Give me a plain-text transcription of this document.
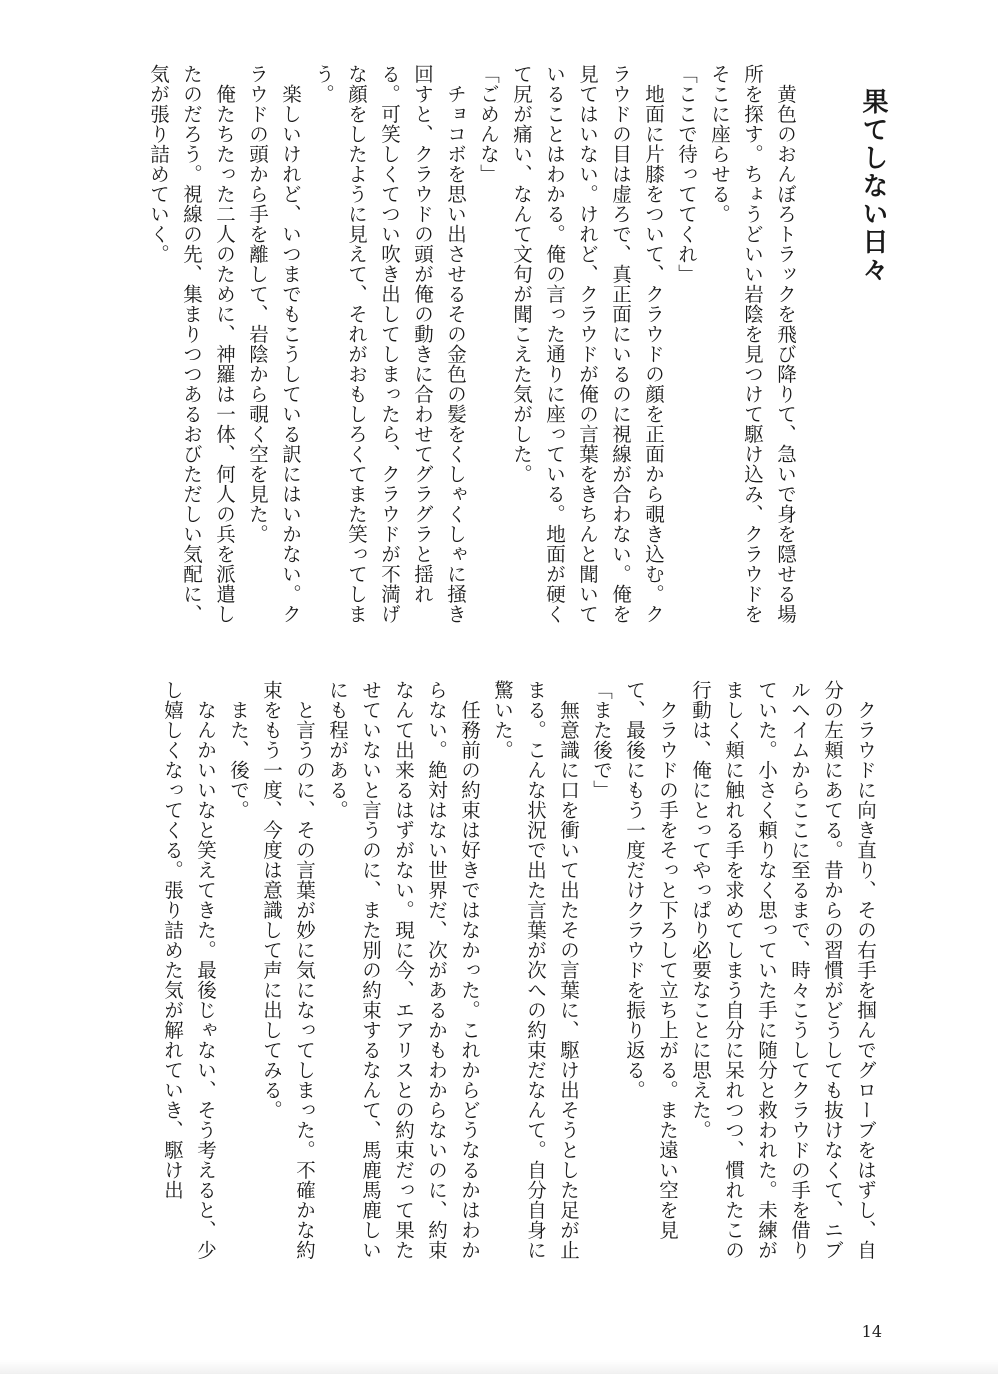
果てしない日々

　黄色のおんぼろトラックを飛び降りて、急いで身を隠せる場所を探す。ちょうどいい岩陰を見つけて駆け込み、クラウドをそこに座らせる。

「ここで待っててくれ」

　地面に片膝をついて、クラウドの顔を正面から覗き込む。クラウドの目は虚ろで、真正面にいるのに視線が合わない。俺を見てはいない。けれど、クラウドが俺の言葉をきちんと聞いていることはわかる。俺の言った通りに座っている。地面が硬くて尻が痛い、なんて文句が聞こえた気がした。

「ごめんな」

　チョコボを思い出させるその金色の髪をくしゃくしゃに掻き回すと、クラウドの頭が俺の動きに合わせてグラグラと揺れる。可笑しくてつい吹き出してしまったら、クラウドが不満げな顔をしたように見えて、それがおもしろくてまた笑ってしまう。

　楽しいけれど、いつまでもこうしている訳にはいかない。クラウドの頭から手を離して、岩陰から覗く空を見た。

　俺たちたった二人のために、神羅は一体、何人の兵を派遣したのだろう。視線の先、集まりつつあるおびただしい気配に、気が張り詰めていく。

　クラウドに向き直り、その右手を掴んでグローブをはずし、自分の左頬にあてる。昔からの習慣がどうしても抜けなくて、ニブルヘイムからここに至るまで、時々こうしてクラウドの手を借りていた。小さく頼りなく思っていた手に随分と救われた。未練がましく頬に触れる手を求めてしまう自分に呆れつつ、慣れたこの行動は、俺にとってやっぱり必要なことに思えた。

　クラウドの手をそっと下ろして立ち上がる。また遠い空を見て、最後にもう一度だけクラウドを振り返る。

「また後で」

　無意識に口を衝いて出たその言葉に、駆け出そうとした足が止まる。こんな状況で出た言葉が次への約束だなんて。自分自身に驚いた。

　任務前の約束は好きではなかった。これからどうなるかはわからない。絶対はない世界だ、次があるかもわからないのに、約束なんて出来るはずがない。現に今、エアリスとの約束だって果たせていないと言うのに、また別の約束するなんて、馬鹿馬鹿しいにも程がある。

　と言うのに、その言葉が妙に気になってしまった。不確かな約束をもう一度、今度は意識して声に出してみる。

　また、後で。

　なんかいいなと笑えてきた。最後じゃない、そう考えると、少し嬉しくなってくる。張り詰めた気が解れていき、駆け出

14
